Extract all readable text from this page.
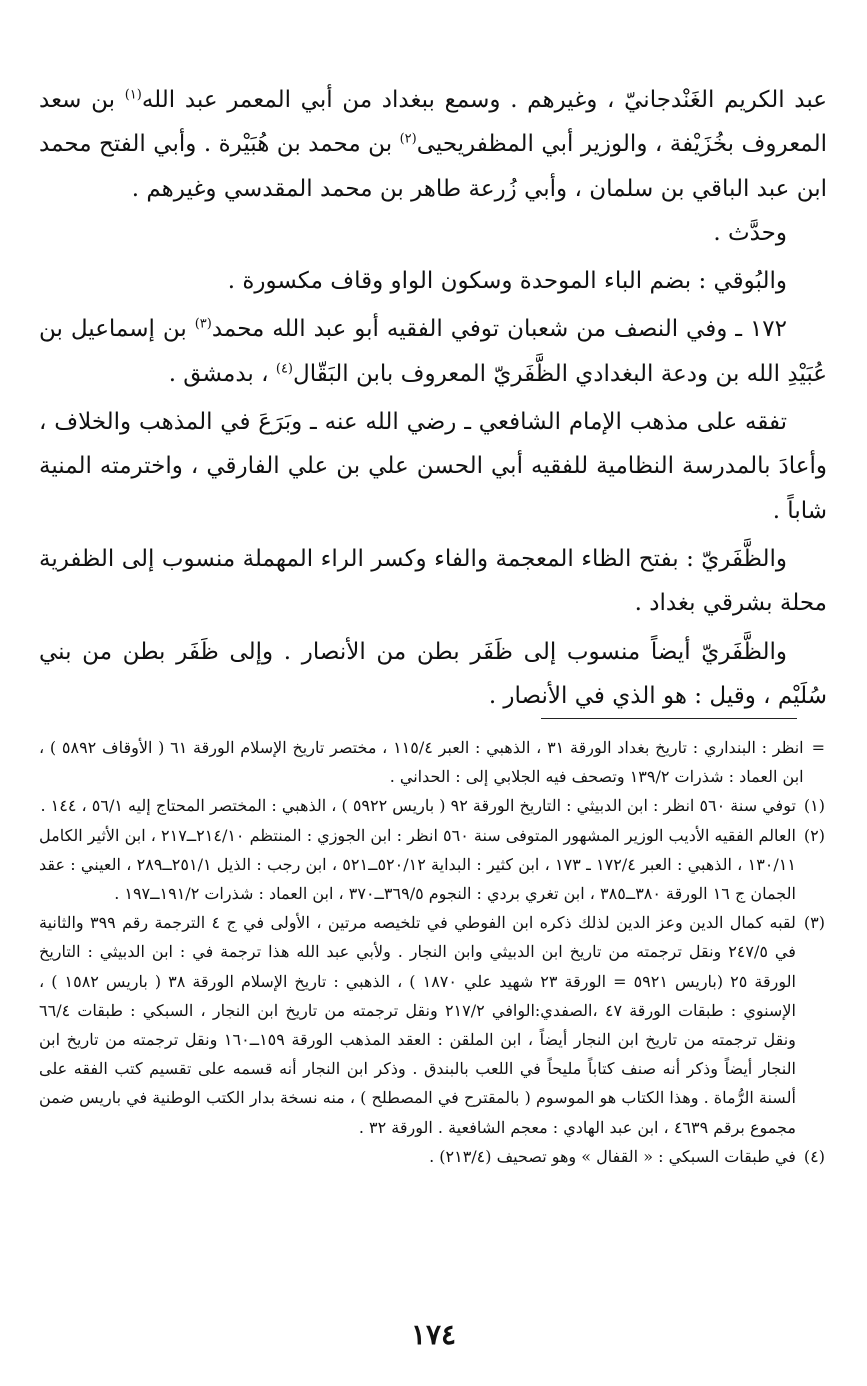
عبد الكريم الغَنْدجانيّ ، وغيرهم . وسمع ببغداد من أبي المعمر عبد الله$^{(١)}$ بن سعد المعروف بخُزَيْفة ، والوزير أبي المظفريحيى$^{(٢)}$ بن محمد بن هُبَيْرة . وأبي الفتح محمد ابن عبد الباقي بن سلمان ، وأبي زُرعة طاهر بن محمد المقدسي وغيرهم .

وحدَّث .

والبُوقي : بضم الباء الموحدة وسكون الواو وقاف مكسورة .

١٧٢ ـ وفي النصف من شعبان توفي الفقيه أبو عبد الله محمد$^{(٣)}$ بن إسماعيل بن عُبَيْدِ الله بن ودعة البغدادي الظَّفَريّ المعروف بابن البَقّال$^{(٤)}$ ، بدمشق .

تفقه على مذهب الإمام الشافعي ـ رضي الله عنه ـ وبَرَعَ في المذهب والخلاف ، وأعادَ بالمدرسة النظامية للفقيه أبي الحسن علي بن علي الفارقي ، واخترمته المنية شاباً .

والظَّفَريّ : بفتح الظاء المعجمة والفاء وكسر الراء المهملة منسوب إلى الظفرية محلة بشرقي بغداد .

والظَّفَريّ أيضاً منسوب إلى ظَفَر بطن من الأنصار . وإلى ظَفَر بطن من بني سُلَيْم ، وقيل : هو الذي في الأنصار .

=
انظر : البنداري : تاريخ بغداد الورقة ٣١ ، الذهبي : العبر ١١٥/٤ ، مختصر تاريخ الإسلام الورقة ٦١ ( الأوقاف ٥٨٩٢ ) ، ابن العماد : شذرات ١٣٩/٢ وتصحف فيه الجلابي إلى : الحداني .
(١)
توفي سنة ٥٦٠ انظر : ابن الدبيثي : التاريخ الورقة ٩٢ ( باريس ٥٩٢٢ ) ، الذهبي : المختصر المحتاج إليه ٥٦/١ ، ١٤٤ .
(٢)
العالم الفقيه الأديب الوزير المشهور المتوفى سنة ٥٦٠ انظر : ابن الجوزي : المنتظم ٢١٤/١٠ــ٢١٧ ، ابن الأثير الكامل ١٣٠/١١ ، الذهبي : العبر ١٧٢/٤ ـ ١٧٣ ، ابن كثير : البداية ٥٢٠/١٢ــ٥٢١ ، ابن رجب : الذيل ٢٥١/١ــ٢٨٩ ، العيني : عقد الجمان ج ١٦ الورقة ٣٨٠ــ٣٨٥ ، ابن تغري بردي : النجوم ٣٦٩/٥ــ٣٧٠ ، ابن العماد : شذرات ١٩١/٢ــ١٩٧ .
(٣)
لقبه كمال الدين وعز الدين لذلك ذكره ابن الفوطي في تلخيصه مرتين ، الأولى في ج ٤ الترجمة رقم ٣٩٩ والثانية في ٢٤٧/٥ ونقل ترجمته من تاريخ ابن الدبيثي وابن النجار . ولأبي عبد الله هذا ترجمة في : ابن الدبيثي : التاريخ الورقة ٢٥ (باريس ٥٩٢١ = الورقة ٢٣ شهيد علي ١٨٧٠ ) ، الذهبي : تاريخ الإسلام الورقة ٣٨ ( باريس ١٥٨٢ ) ، الإسنوي : طبقات الورقة ٤٧ ،الصفدي:الوافي ٢١٧/٢ ونقل ترجمته من تاريخ ابن النجار ، السبكي : طبقات ٦٦/٤ ونقل ترجمته من تاريخ ابن النجار أيضاً ، ابن الملقن : العقد المذهب الورقة ١٥٩ــ١٦٠ ونقل ترجمته من تاريخ ابن النجار أيضاً وذكر أنه صنف كتاباً مليحاً في اللعب بالبندق . وذكر ابن النجار أنه قسمه على تقسيم كتب الفقه على ألسنة الرُّماة . وهذا الكتاب هو الموسوم ( بالمقترح في المصطلح ) ، منه نسخة بدار الكتب الوطنية في باريس ضمن مجموع برقم ٤٦٣٩ ، ابن عبد الهادي : معجم الشافعية . الورقة ٣٢ .
(٤)
في طبقات السبكي : « القفال » وهو تصحيف (٢١٣/٤) .
١٧٤
